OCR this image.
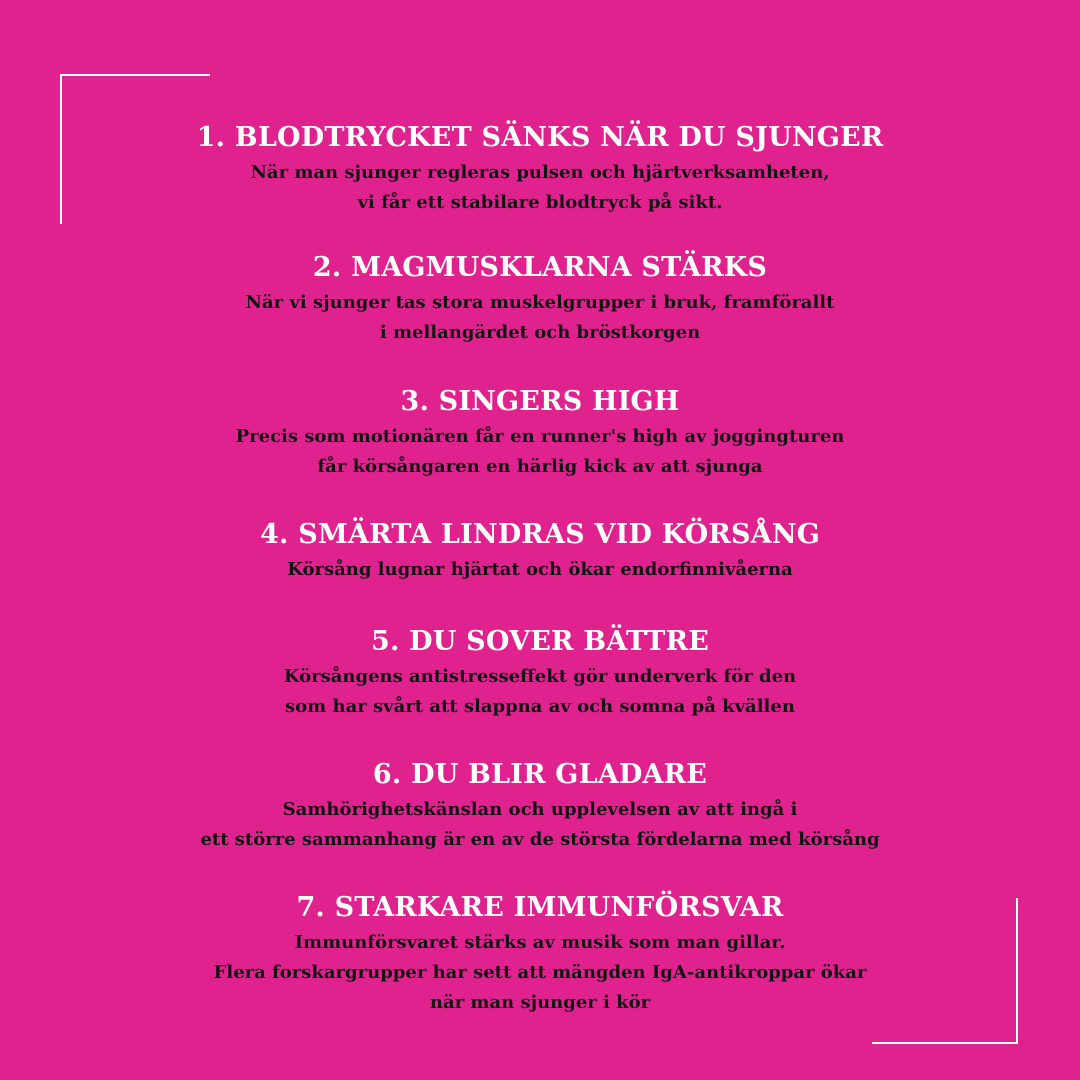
1. BLODTRYCKET SÄNKS NÄR DU SJUNGER
När man sjunger regleras pulsen och hjärtverksamheten,
vi får ett stabilare blodtryck på sikt.
2. MAGMUSKLARNA STÄRKS
När vi sjunger tas stora muskelgrupper i bruk, framförallt
i mellangärdet och bröstkorgen
3. SINGERS HIGH
Precis som motionären får en runner's high av joggingturen
får körsångaren en härlig kick av att sjunga
4. SMÄRTA LINDRAS VID KÖRSÅNG
Körsång lugnar hjärtat och ökar endorfinnivåerna
5. DU SOVER BÄTTRE
Körsångens antistresseffekt gör underverk för den
som har svårt att slappna av och somna på kvällen
6. DU BLIR GLADARE
Samhörighetskänslan och upplevelsen av att ingå i
ett större sammanhang är en av de största fördelarna med körsång
7. STARKARE IMMUNFÖRSVAR
Immunförsvaret stärks av musik som man gillar.
Flera forskargrupper har sett att mängden IgA-antikroppar ökar
när man sjunger i kör
